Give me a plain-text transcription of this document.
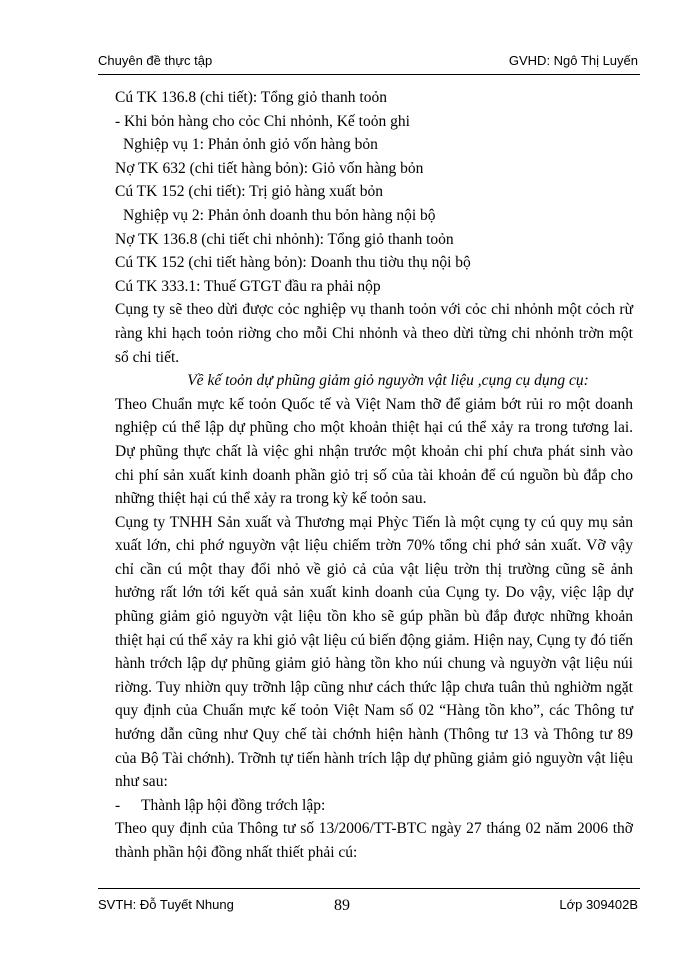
Chuyên đề thực tập	GVHD: Ngô Thị Luyến

Cú TK 136.8 (chi tiết): Tổng giỏ thanh toỏn

- Khi bỏn hàng cho cỏc Chi nhỏnh, Kế toỏn ghi

Nghiệp vụ 1: Phản ỏnh giỏ vốn hàng bỏn

Nợ TK 632 (chi tiết hàng bỏn): Giỏ vốn hàng bỏn

Cú TK 152 (chi tiết): Trị giỏ hàng xuất bỏn

Nghiệp vụ 2: Phản ỏnh doanh thu bỏn hàng nội bộ

Nợ TK 136.8 (chi tiết chi nhỏnh): Tổng giỏ thanh toỏn

Cú TK 152 (chi tiết hàng bỏn): Doanh thu tiờu thụ nội bộ

Cú TK 333.1: Thuế GTGT đầu ra phải nộp

Cụng ty sẽ theo dừi được cỏc nghiệp vụ thanh toỏn với cỏc chi nhỏnh một cỏch rừ ràng khi hạch toỏn riờng cho mỗi Chi nhỏnh và theo dừi từng chi nhỏnh trờn một sổ chi tiết.

Về kế toỏn dự phũng giảm giỏ nguyờn vật liệu ,cụng cụ dụng cụ:

Theo Chuẩn mực kế toỏn Quốc tế và Việt Nam thỡ để giảm bớt rủi ro một doanh nghiệp cú thể lập dự phũng cho một khoản thiệt hại cú thể xảy ra trong tương lai. Dự phũng thực chất là việc ghi nhận trước một khoản chi phí chưa phát sinh vào chi phí sản xuất kinh doanh phần giỏ trị số của tài khoản để cú nguồn bù đắp cho những thiệt hại cú thể xảy ra trong kỳ kế toỏn sau.

Cụng ty TNHH Sản xuất và Thương mại Phỳc Tiến là một cụng ty cú quy mụ sản xuất lớn, chi phớ nguyờn vật liệu chiếm trờn 70% tổng chi phớ sản xuất. Vỡ vậy chỉ cần cú một thay đổi nhỏ về giỏ cả của vật liệu trờn thị trường cũng sẽ ảnh hưởng rất lớn tới kết quả sản xuất kinh doanh của Cụng ty. Do vậy, việc lập dự phũng giảm giỏ nguyờn vật liệu tồn kho sẽ gúp phần bù đắp được những khoản thiệt hại cú thể xảy ra khi giỏ vật liệu cú biến động giảm. Hiện nay, Cụng ty đó tiến hành trớch lập dự phũng giảm giỏ hàng tồn kho núi chung và nguyờn vật liệu núi riờng. Tuy nhiờn quy trỡnh lập cũng như cách thức lập chưa tuân thủ nghiờm ngặt quy định của Chuẩn mực kế toỏn Việt Nam số 02 “Hàng tồn kho”, các Thông tư hướng dẫn cũng như Quy chế tài chớnh hiện hành (Thông tư 13 và Thông tư 89 của Bộ Tài chớnh). Trỡnh tự tiến hành trích lập dự phũng giảm giỏ nguyờn vật liệu như sau:

-	Thành lập hội đồng trớch lập:

Theo quy định của Thông tư số 13/2006/TT-BTC ngày 27 tháng 02 năm 2006 thỡ thành phần hội đồng nhất thiết phải cú:

SVTH: Đỗ Tuyết Nhung	89	Lớp 309402B
